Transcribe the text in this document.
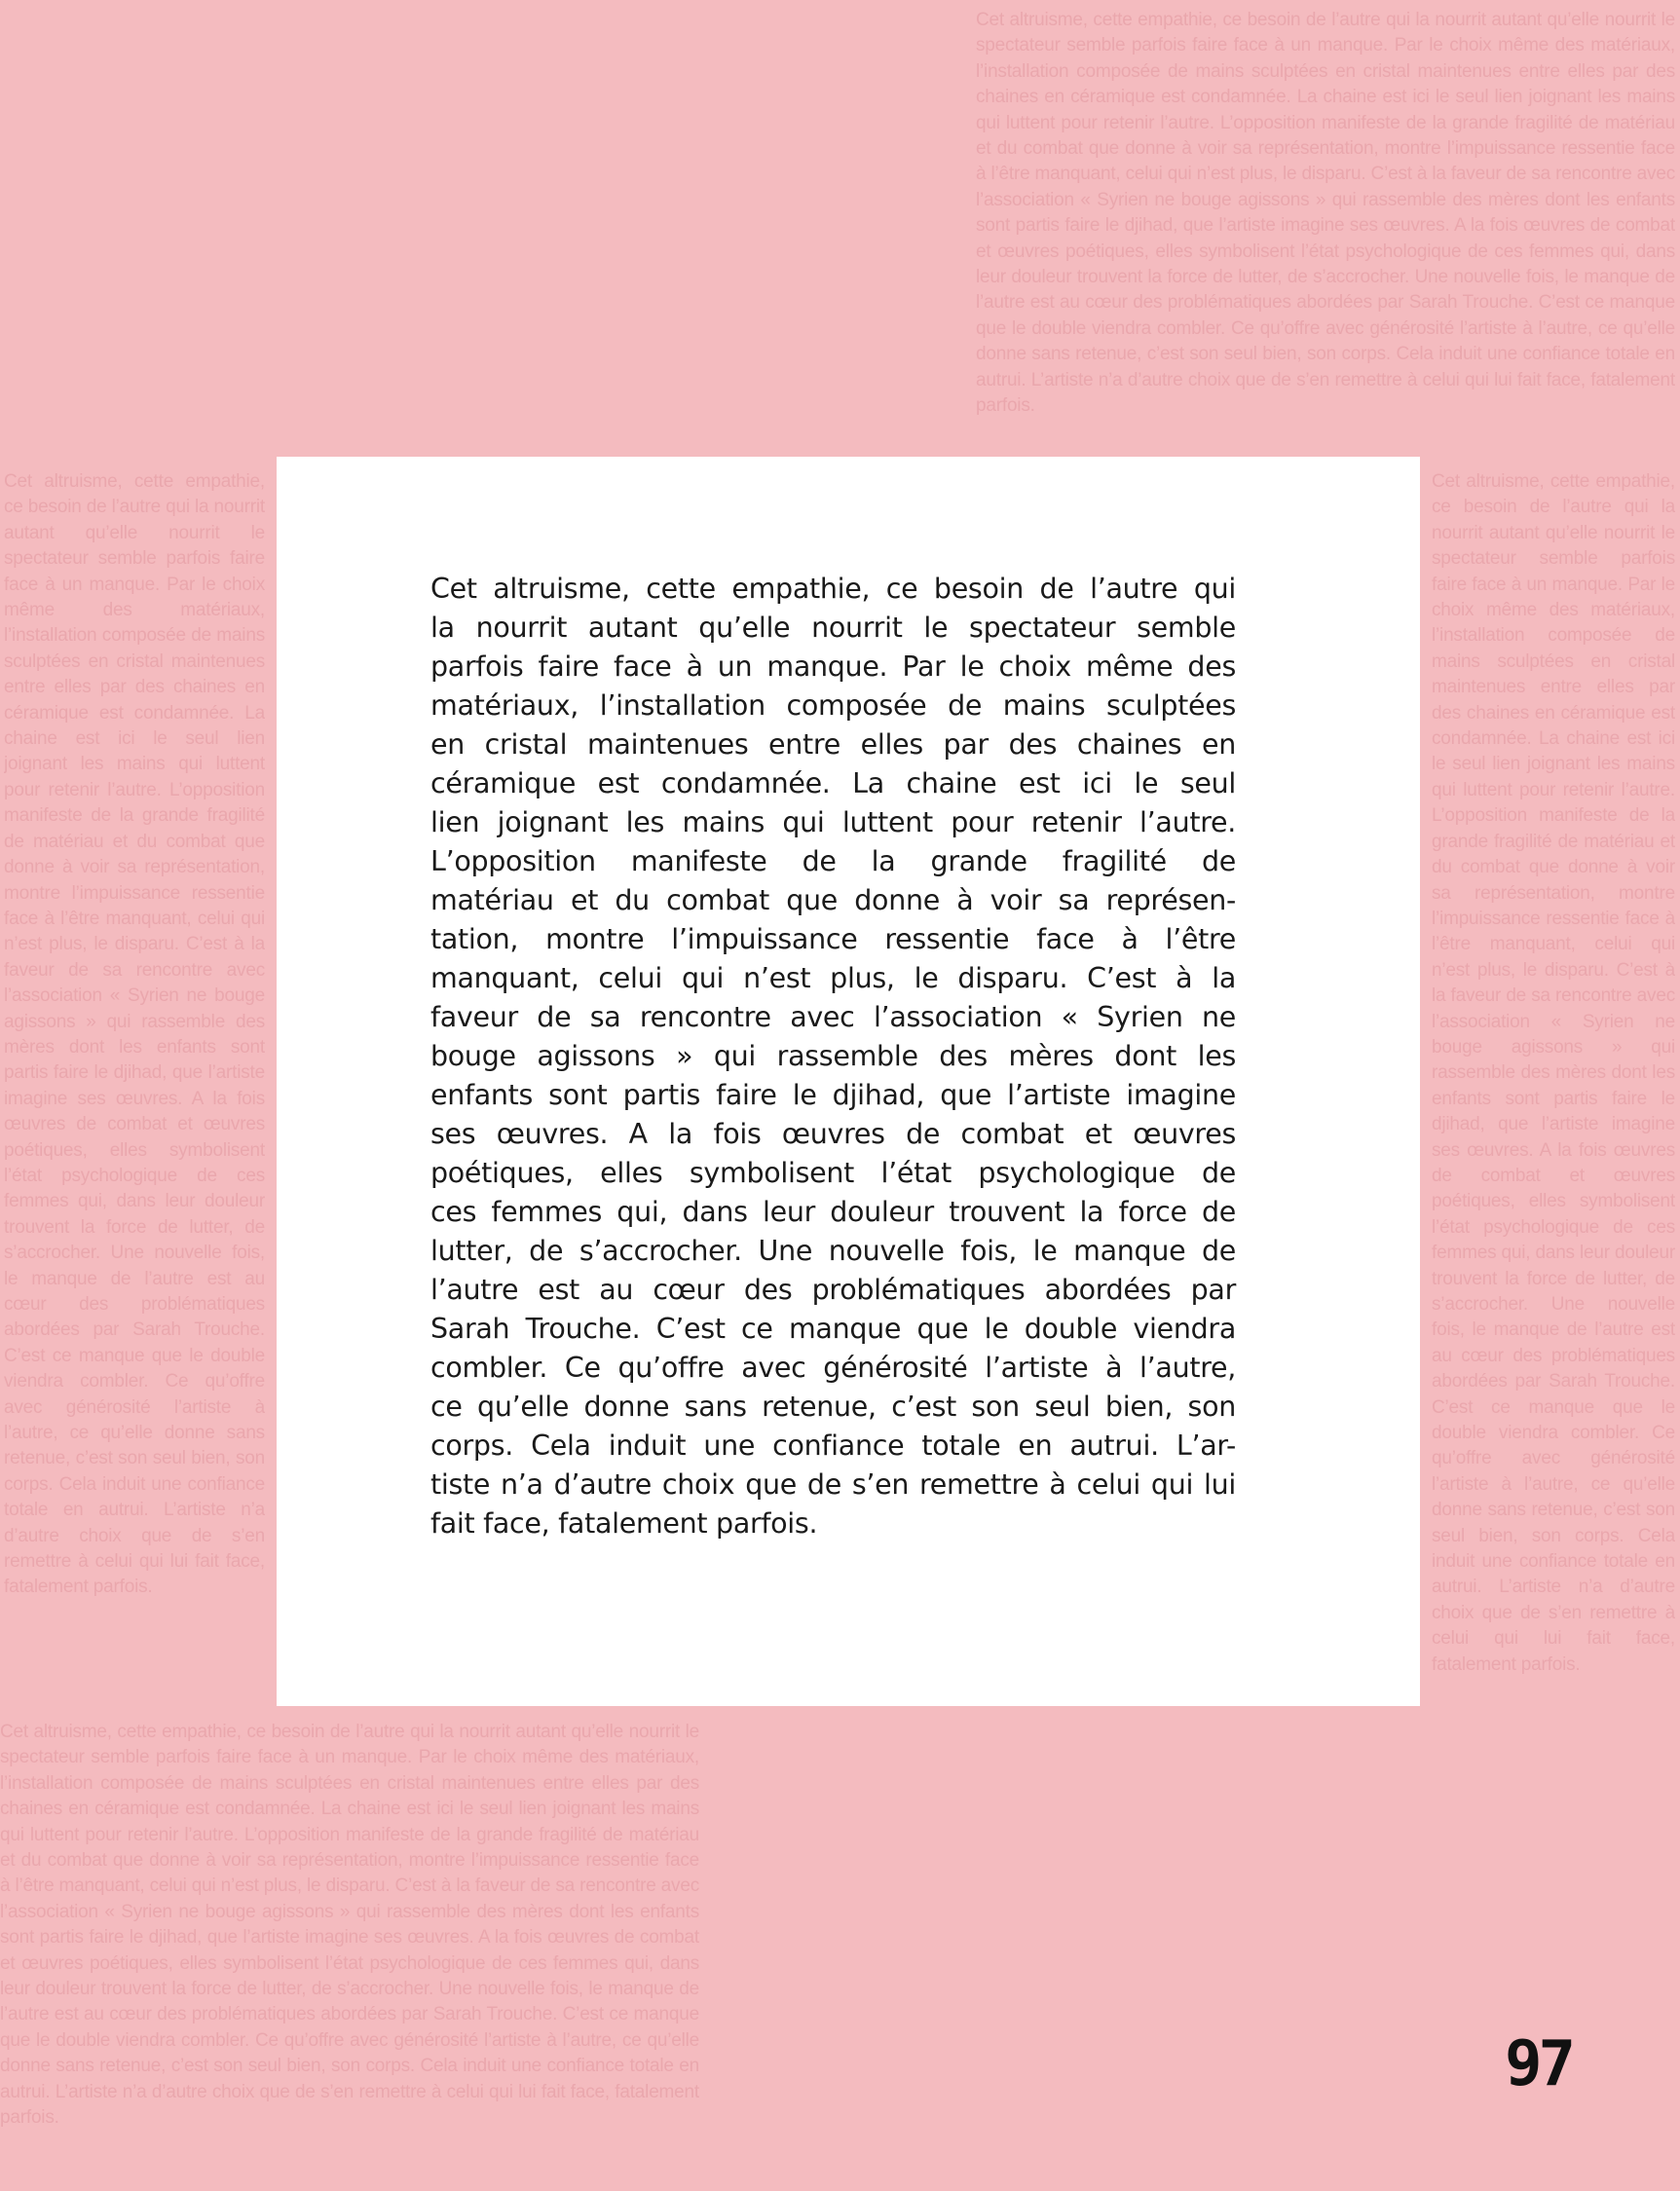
Cet altruisme, cette empathie, ce besoin de l’autre qui la nourrit autant qu’elle nourrit le spectateur semble parfois faire face à un manque. Par le choix même des matériaux, l’installation composée de mains sculptées en cristal maintenues entre elles par des chaines en céramique est condamnée. La chaine est ici le seul lien joignant les mains qui luttent pour retenir l’autre. L’opposition manifeste de la grande fragilité de matériau et du combat que donne à voir sa représentation, montre l’impuissance ressentie face à l’être manquant, celui qui n’est plus, le disparu. C’est à la faveur de sa rencontre avec l’association « Syrien ne bouge agissons » qui rassemble des mères dont les enfants sont partis faire le djihad, que l’artiste imagine ses œuvres. A la fois œuvres de combat et œuvres poétiques, elles symbolisent l’état psychologique de ces femmes qui, dans leur douleur trouvent la force de lutter, de s’accrocher. Une nouvelle fois, le manque de l’autre est au cœur des problématiques abordées par Sarah Trouche. C’est ce manque que le double viendra combler. Ce qu’offre avec générosité l’artiste à l’autre, ce qu’elle donne sans retenue, c’est son seul bien, son corps. Cela induit une confiance totale en autrui. L’artiste n’a d’autre choix que de s’en remettre à celui qui lui fait face, fatalement parfois.

Cet altruisme, cette empathie, ce besoin de l’autre qui la nourrit autant qu’elle nourrit le spectateur semble parfois faire face à un manque. Par le choix même des matériaux, l’installation composée de mains sculptées en cristal maintenues entre elles par des chaines en céramique est condamnée. La chaine est ici le seul lien joignant les mains qui luttent pour retenir l’autre. L’opposition manifeste de la grande fragilité de matériau et du combat que donne à voir sa représentation, montre l’impuissance ressentie face à l’être manquant, celui qui n’est plus, le disparu. C’est à la faveur de sa rencontre avec l’association « Syrien ne bouge agissons » qui rassemble des mères dont les enfants sont partis faire le djihad, que l’artiste imagine ses œuvres. A la fois œuvres de combat et œuvres poétiques, elles symbolisent l’état psychologique de ces femmes qui, dans leur douleur trouvent la force de lutter, de s’accrocher. Une nouvelle fois, le manque de l’autre est au cœur des problématiques abordées par Sarah Trouche. C’est ce manque que le double viendra combler. Ce qu’offre avec générosité l’artiste à l’autre, ce qu’elle donne sans retenue, c’est son seul bien, son corps. Cela induit une confiance totale en autrui. L’artiste n’a d’autre choix que de s’en remettre à celui qui lui fait face, fatalement parfois.

Cet altruisme, cette empathie, ce besoin de l’autre qui la nourrit autant qu’elle nourrit le spectateur semble parfois faire face à un manque. Par le choix même des matériaux, l’installation composée de mains sculptées en cristal maintenues entre elles par des chaines en céramique est condamnée. La chaine est ici le seul lien joignant les mains qui luttent pour retenir l’autre. L’opposition manifeste de la grande fragilité de matériau et du combat que donne à voir sa représentation, montre l’impuissance ressentie face à l’être manquant, celui qui n’est plus, le disparu. C’est à la faveur de sa rencontre avec l’association « Syrien ne bouge agissons » qui rassemble des mères dont les enfants sont partis faire le djihad, que l’artiste imagine ses œuvres. A la fois œuvres de combat et œuvres poétiques, elles symbolisent l’état psychologique de ces femmes qui, dans leur douleur trouvent la force de lutter, de s’accrocher. Une nouvelle fois, le manque de l’autre est au cœur des problématiques abordées par Sarah Trouche. C’est ce manque que le double viendra combler. Ce qu’offre avec générosité l’artiste à l’autre, ce qu’elle donne sans retenue, c’est son seul bien, son corps. Cela induit une confiance totale en autrui. L’artiste n’a d’autre choix que de s’en remettre à celui qui lui fait face, fatalement parfois.

Cet altruisme, cette empathie, ce besoin de l’autre qui la nourrit autant qu’elle nourrit le spectateur semble parfois faire face à un manque. Par le choix même des matériaux, l’installation composée de mains sculptées en cristal maintenues entre elles par des chaines en céramique est condamnée. La chaine est ici le seul lien joignant les mains qui luttent pour retenir l’autre. L’opposition manifeste de la grande fragilité de matériau et du combat que donne à voir sa représentation, montre l’impuissance ressentie face à l’être manquant, celui qui n’est plus, le disparu. C’est à la faveur de sa rencontre avec l’association « Syrien ne bouge agissons » qui rassemble des mères dont les enfants sont partis faire le djihad, que l’artiste imagine ses œuvres. A la fois œuvres de combat et œuvres poétiques, elles symbolisent l’état psychologique de ces femmes qui, dans leur douleur trouvent la force de lutter, de s’accrocher. Une nouvelle fois, le manque de l’autre est au cœur des problématiques abordées par Sarah Trouche. C’est ce manque que le double viendra combler. Ce qu’offre avec générosité l’artiste à l’autre, ce qu’elle donne sans retenue, c’est son seul bien, son corps. Cela induit une confiance totale en autrui. L’artiste n’a d’autre choix que de s’en remettre à celui qui lui fait face, fatalement parfois.

Cet altruisme, cette empathie, ce besoin de l’autre qui
la nourrit autant qu’elle nourrit le spectateur semble
parfois faire face à un manque. Par le choix même des
matériaux, l’installation composée de mains sculptées
en cristal maintenues entre elles par des chaines en
céramique est condamnée. La chaine est ici le seul
lien joignant les mains qui luttent pour retenir l’autre.
L’opposition manifeste de la grande fragilité de
matériau et du combat que donne à voir sa représen-
tation, montre l’impuissance ressentie face à l’être
manquant, celui qui n’est plus, le disparu. C’est à la
faveur de sa rencontre avec l’association « Syrien ne
bouge agissons » qui rassemble des mères dont les
enfants sont partis faire le djihad, que l’artiste imagine
ses œuvres. A la fois œuvres de combat et œuvres
poétiques, elles symbolisent l’état psychologique de
ces femmes qui, dans leur douleur trouvent la force de
lutter, de s’accrocher. Une nouvelle fois, le manque de
l’autre est au cœur des problématiques abordées par
Sarah Trouche. C’est ce manque que le double viendra
combler. Ce qu’offre avec générosité l’artiste à l’autre,
ce qu’elle donne sans retenue, c’est son seul bien, son
corps. Cela induit une confiance totale en autrui. L’ar-
tiste n’a d’autre choix que de s’en remettre à celui qui lui
fait face, fatalement parfois.
97
